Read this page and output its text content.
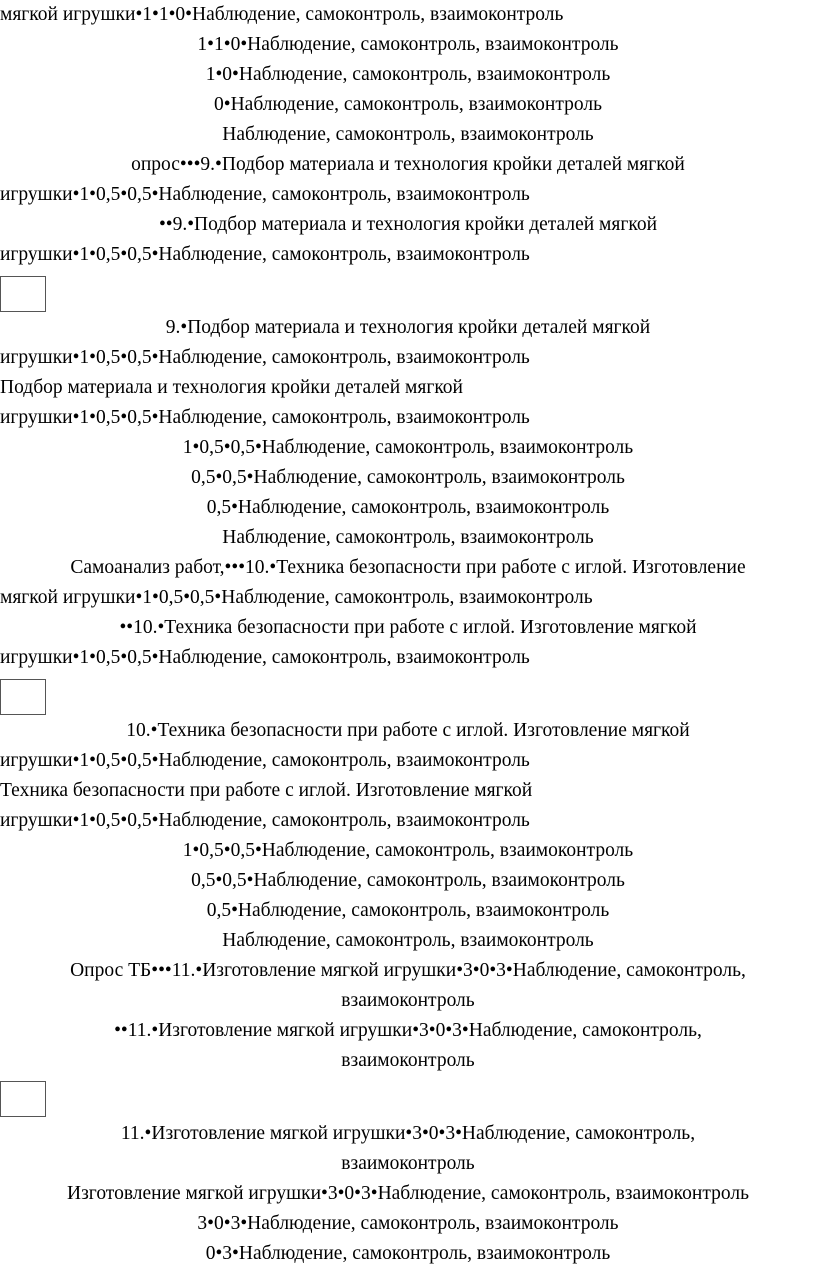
мягкой игрушки•1•1•0•Наблюдение, самоконтроль, взаимоконтроль
1•1•0•Наблюдение, самоконтроль, взаимоконтроль
1•0•Наблюдение, самоконтроль, взаимоконтроль
0•Наблюдение, самоконтроль, взаимоконтроль
Наблюдение, самоконтроль, взаимоконтроль
опрос•••9.•Подбор материала и технология кройки деталей мягкой
игрушки•1•0,5•0,5•Наблюдение, самоконтроль, взаимоконтроль
••9.•Подбор материала и технология кройки деталей мягкой
игрушки•1•0,5•0,5•Наблюдение, самоконтроль, взаимоконтроль
9.•Подбор материала и технология кройки деталей мягкой
игрушки•1•0,5•0,5•Наблюдение, самоконтроль, взаимоконтроль
Подбор материала и технология кройки деталей мягкой
игрушки•1•0,5•0,5•Наблюдение, самоконтроль, взаимоконтроль
1•0,5•0,5•Наблюдение, самоконтроль, взаимоконтроль
0,5•0,5•Наблюдение, самоконтроль, взаимоконтроль
0,5•Наблюдение, самоконтроль, взаимоконтроль
Наблюдение, самоконтроль, взаимоконтроль
Самоанализ работ,•••10.•Техника безопасности при работе с иглой. Изготовление
мягкой игрушки•1•0,5•0,5•Наблюдение, самоконтроль, взаимоконтроль
••10.•Техника безопасности при работе с иглой. Изготовление мягкой
игрушки•1•0,5•0,5•Наблюдение, самоконтроль, взаимоконтроль
10.•Техника безопасности при работе с иглой. Изготовление мягкой
игрушки•1•0,5•0,5•Наблюдение, самоконтроль, взаимоконтроль
Техника безопасности при работе с иглой. Изготовление мягкой
игрушки•1•0,5•0,5•Наблюдение, самоконтроль, взаимоконтроль
1•0,5•0,5•Наблюдение, самоконтроль, взаимоконтроль
0,5•0,5•Наблюдение, самоконтроль, взаимоконтроль
0,5•Наблюдение, самоконтроль, взаимоконтроль
Наблюдение, самоконтроль, взаимоконтроль
Опрос ТБ•••11.•Изготовление мягкой игрушки•3•0•3•Наблюдение, самоконтроль,
взаимоконтроль
••11.•Изготовление мягкой игрушки•3•0•3•Наблюдение, самоконтроль,
взаимоконтроль
11.•Изготовление мягкой игрушки•3•0•3•Наблюдение, самоконтроль,
взаимоконтроль
Изготовление мягкой игрушки•3•0•3•Наблюдение, самоконтроль, взаимоконтроль
3•0•3•Наблюдение, самоконтроль, взаимоконтроль
0•3•Наблюдение, самоконтроль, взаимоконтроль
